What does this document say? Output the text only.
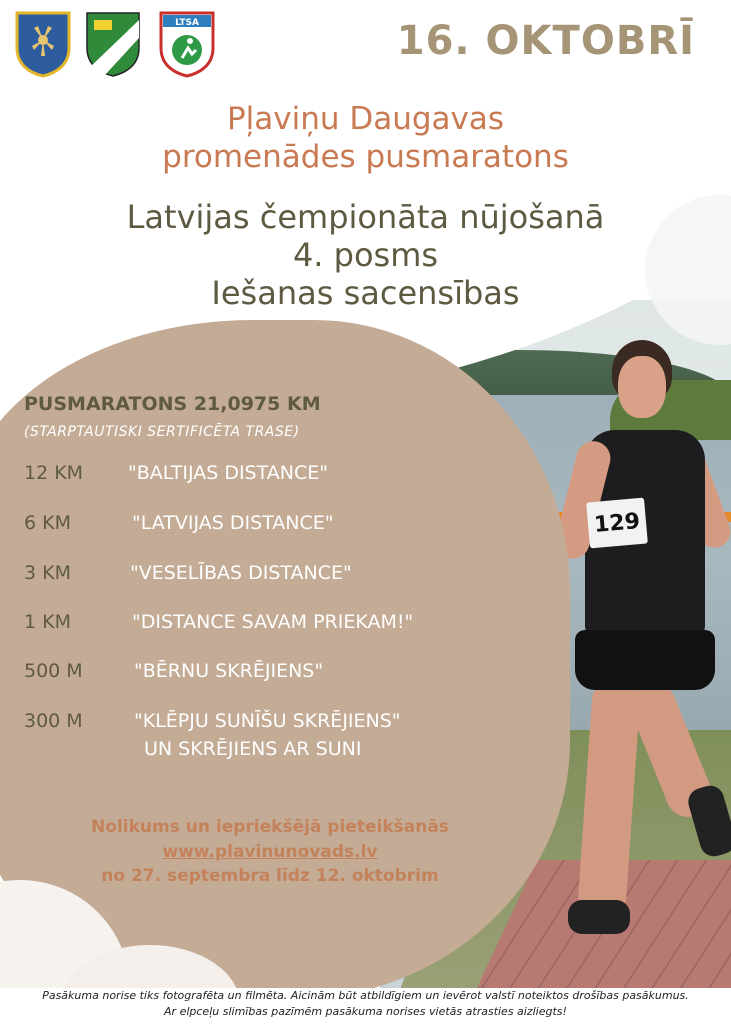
129
LTSA	16. OKTOBRĪ
Pļaviņu Daugavas
promenādes pusmaratons
Latvijas čempionāta nūjošanā
4. posms
Iešanas sacensības
PUSMARATONS 21,0975 KM
(STARPTAUTISKI SERTIFICĒTA TRASE)
12 KM "BALTIJAS DISTANCE"
6 KM	"LATVIJAS DISTANCE"
3 KM	"VESELĪBAS DISTANCE"
1 KM	"DISTANCE SAVAM PRIEKAM!"
500 M	"BĒRNU SKRĒJIENS"
300 M	"KLĒPJU SUNĪŠU SKRĒJIENS"
UN SKRĒJIENS AR SUNI
Nolikums un iepriekšējā pieteikšanās
www.plavinunovads.lv
no 27. septembra līdz 12. oktobrim
Pasākuma norise tiks fotografēta un filmēta. Aicinām būt atbildīgiem un ievērot valstī noteiktos drošības pasākumus.
Ar elpceļu slimības pazīmēm pasākuma norises vietās atrasties aizliegts!
